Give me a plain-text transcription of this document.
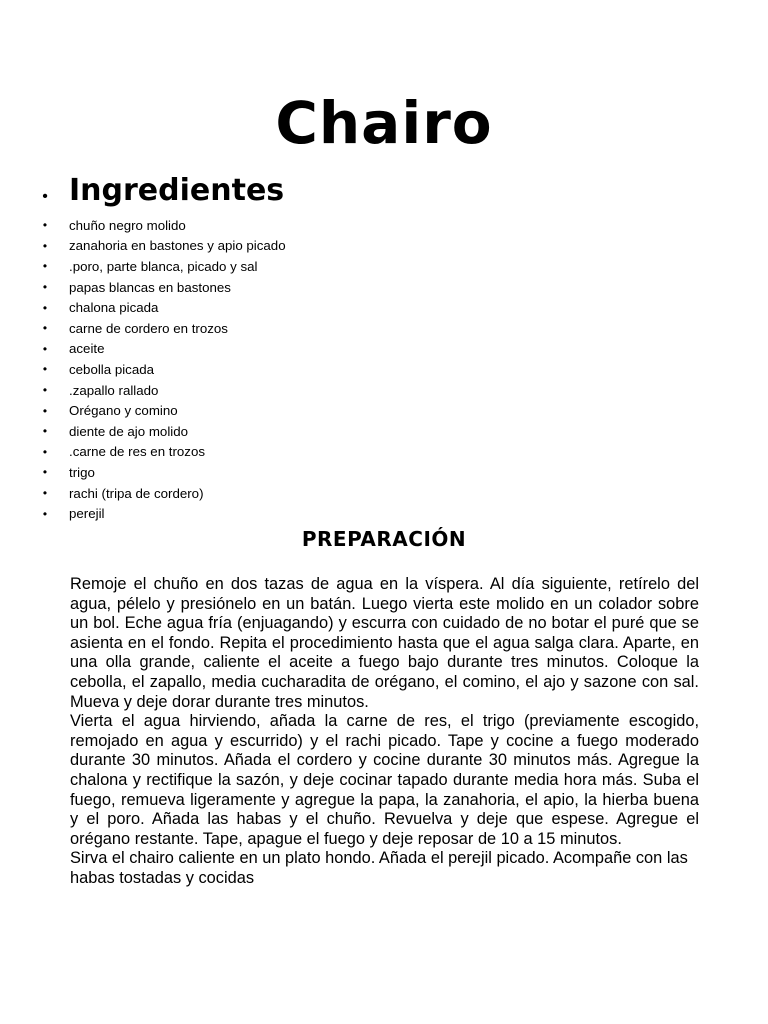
Chairo
• Ingredientes
• chuño negro molido
• zanahoria en bastones y apio picado
• .poro, parte blanca, picado y sal
• papas blancas en bastones
• chalona picada
• carne de cordero en trozos
• aceite
• cebolla picada
• .zapallo rallado
• Orégano y comino
• diente de ajo molido
• .carne de res en trozos
• trigo
• rachi (tripa de cordero)
• perejil
PREPARACIÓN

Remoje el chuño en dos tazas de agua en la víspera. Al día siguiente, retírelo del agua, pélelo y presiónelo en un batán. Luego vierta este molido en un colador sobre un bol. Eche agua fría (enjuagando) y escurra con cuidado de no botar el puré que se asienta en el fondo. Repita el procedimiento hasta que el agua salga clara. Aparte, en una olla grande, caliente el aceite a fuego bajo durante tres minutos. Coloque la cebolla, el zapallo, media cucharadita de orégano, el comino, el ajo y sazone con sal. Mueva y deje dorar durante tres minutos.

Vierta el agua hirviendo, añada la carne de res, el trigo (previamente escogido, remojado en agua y escurrido) y el rachi picado. Tape y cocine a fuego moderado durante 30 minutos. Añada el cordero y cocine durante 30 minutos más. Agregue la chalona y rectifique la sazón, y deje cocinar tapado durante media hora más. Suba el fuego, remueva ligeramente y agregue la papa, la zanahoria, el apio, la hierba buena y el poro. Añada las habas y el chuño. Revuelva y deje que espese. Agregue el orégano restante. Tape, apague el fuego y deje reposar de 10 a 15 minutos.

Sirva el chairo caliente en un plato hondo. Añada el perejil picado. Acompañe con las habas tostadas y cocidas
